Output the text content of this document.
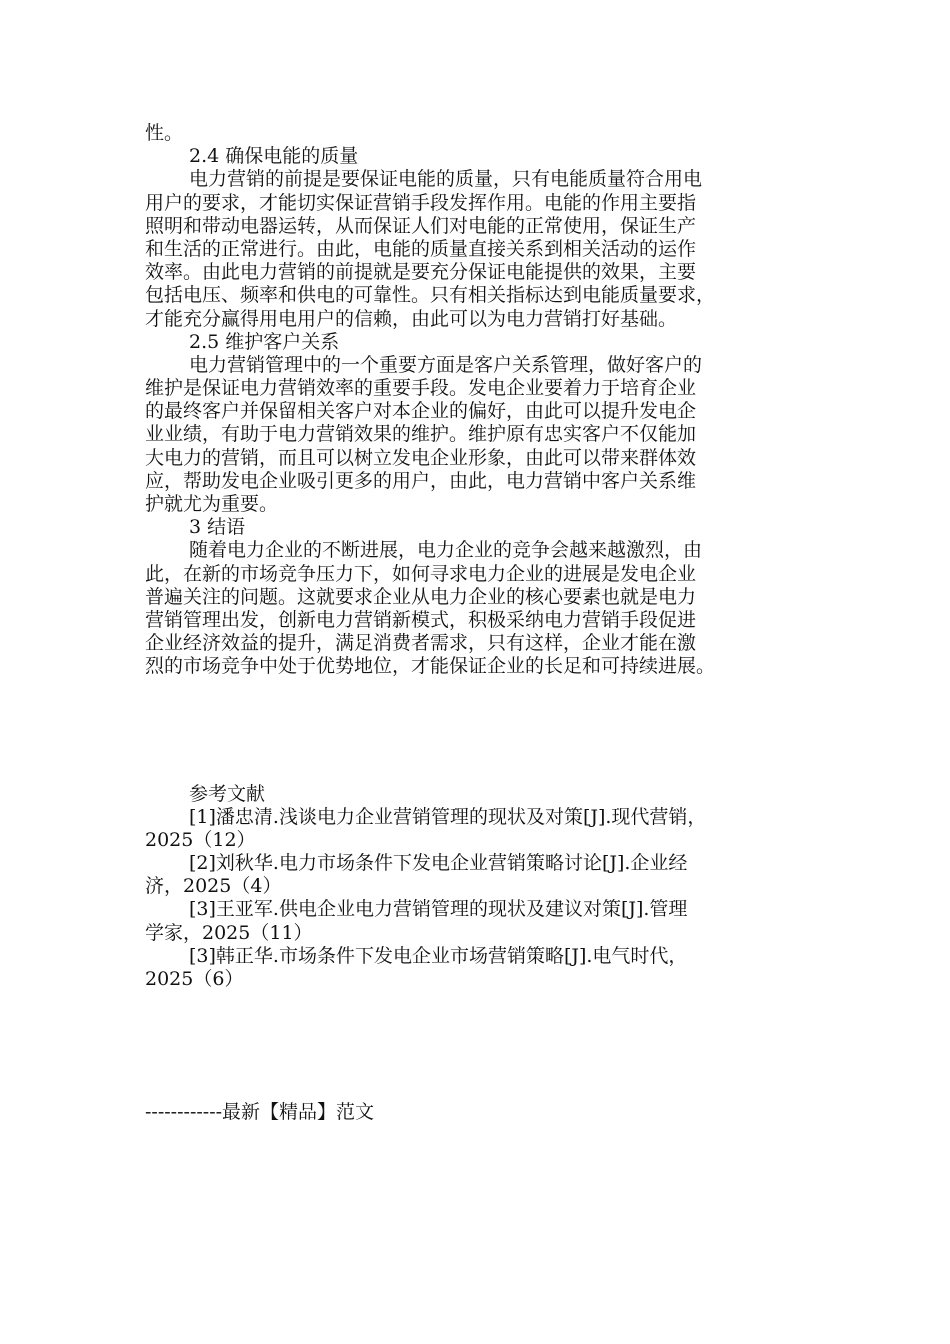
性。
2.4 确保电能的质量
电力营销的前提是要保证电能的质量，只有电能质量符合用电
用户的要求，才能切实保证营销手段发挥作用。电能的作用主要指
照明和带动电器运转，从而保证人们对电能的正常使用，保证生产
和生活的正常进行。由此，电能的质量直接关系到相关活动的运作
效率。由此电力营销的前提就是要充分保证电能提供的效果，主要
包括电压、频率和供电的可靠性。只有相关指标达到电能质量要求，
才能充分赢得用电用户的信赖，由此可以为电力营销打好基础。
2.5 维护客户关系
电力营销管理中的一个重要方面是客户关系管理，做好客户的
维护是保证电力营销效率的重要手段。发电企业要着力于培育企业
的最终客户并保留相关客户对本企业的偏好，由此可以提升发电企
业业绩，有助于电力营销效果的维护。维护原有忠实客户不仅能加
大电力的营销，而且可以树立发电企业形象，由此可以带来群体效
应，帮助发电企业吸引更多的用户，由此，电力营销中客户关系维
护就尤为重要。
3 结语
随着电力企业的不断进展，电力企业的竞争会越来越激烈，由
此，在新的市场竞争压力下，如何寻求电力企业的进展是发电企业
普遍关注的问题。这就要求企业从电力企业的核心要素也就是电力
营销管理出发，创新电力营销新模式，积极采纳电力营销手段促进
企业经济效益的提升，满足消费者需求，只有这样，企业才能在激
烈的市场竞争中处于优势地位，才能保证企业的长足和可持续进展。
参考文献
[1]潘忠清.浅谈电力企业营销管理的现状及对策[J].现代营销，
2025（12）
[2]刘秋华.电力市场条件下发电企业营销策略讨论[J].企业经
济，2025（4）
[3]王亚军.供电企业电力营销管理的现状及建议对策[J].管理
学家，2025（11）
[3]韩正华.市场条件下发电企业市场营销策略[J].电气时代，
2025（6）
------------最新【精品】范文
